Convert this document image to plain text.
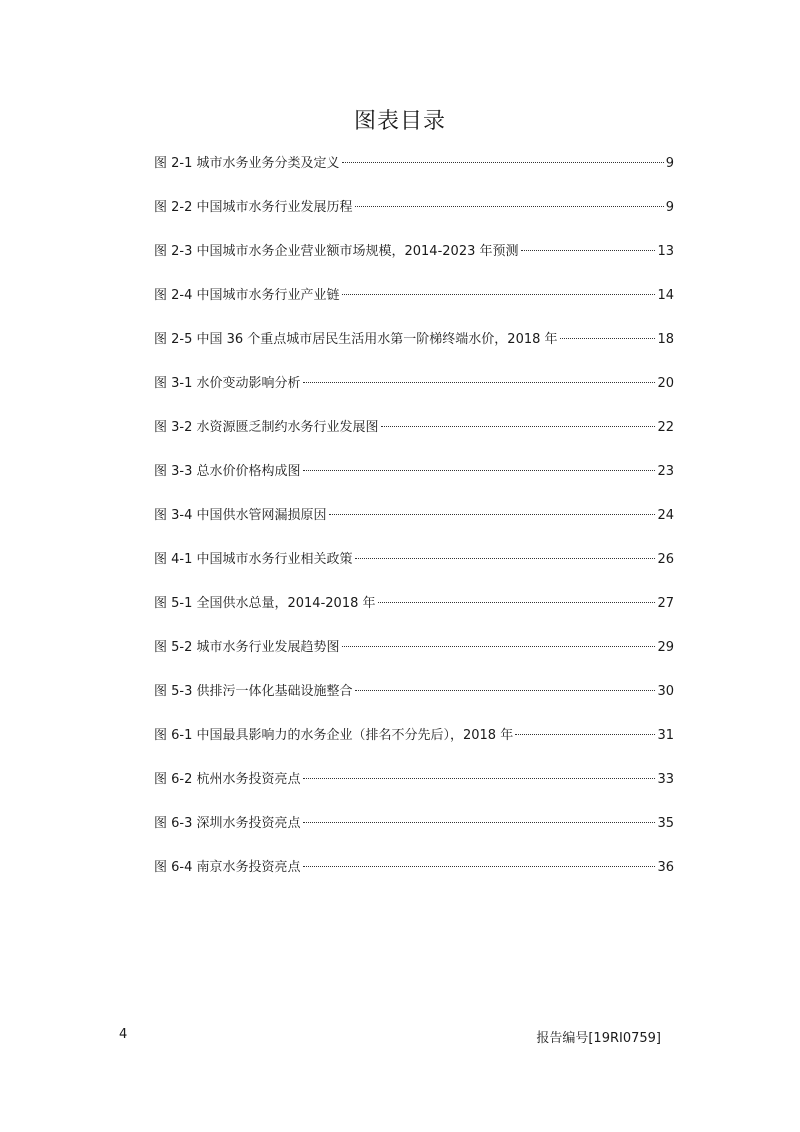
图表目录
图 2-1 城市水务业务分类及定义	9
图 2-2 中国城市水务行业发展历程	9
图 2-3 中国城市水务企业营业额市场规模，2014-2023 年预测	13
图 2-4 中国城市水务行业产业链	14
图 2-5 中国 36 个重点城市居民生活用水第一阶梯终端水价，2018 年	18
图 3-1 水价变动影响分析	20
图 3-2 水资源匮乏制约水务行业发展图	22
图 3-3 总水价价格构成图	23
图 3-4 中国供水管网漏损原因	24
图 4-1 中国城市水务行业相关政策	26
图 5-1 全国供水总量，2014-2018 年	27
图 5-2 城市水务行业发展趋势图	29
图 5-3 供排污一体化基础设施整合	30
图 6-1 中国最具影响力的水务企业（排名不分先后），2018 年	31
图 6-2 杭州水务投资亮点	33
图 6-3 深圳水务投资亮点	35
图 6-4 南京水务投资亮点	36
4	报告编号[19RI0759]
